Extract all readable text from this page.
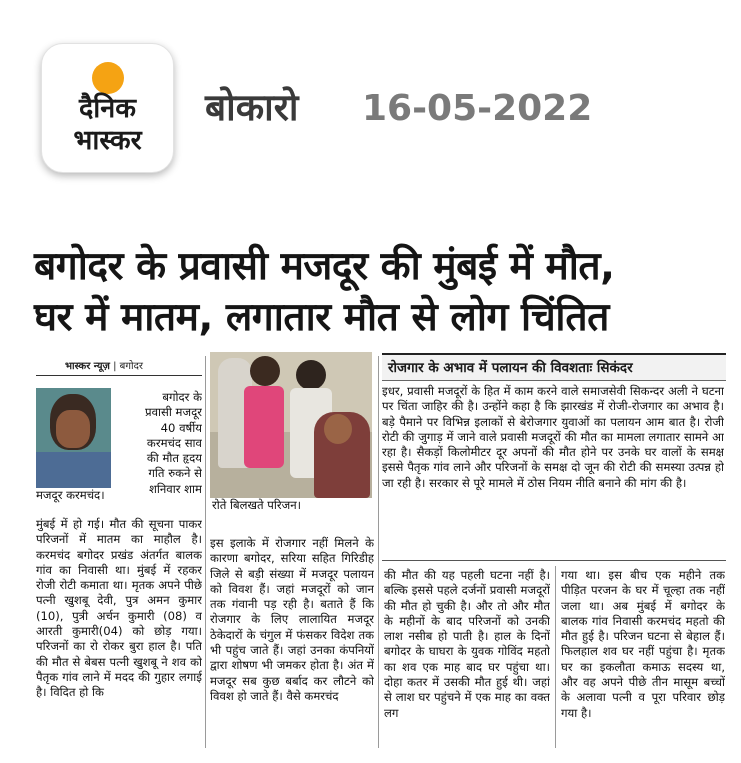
दैनिक
भास्कर
बोकारो 16-05-2022
बगोदर के प्रवासी मजदूर की मुंबई में मौत,
घर में मातम, लगातार मौत से लोग चिंतित
भास्कर न्यूज़ | बगोदर
मजदूर करमचंद।
बगोदर के
प्रवासी मजदूर
40 वर्षीय
करमचंद साव
की मौत हृदय
गति रुकने से
शनिवार शाम
मुंबई में हो गई। मौत की सूचना पाकर परिजनों में मातम का माहौल है। करमचंद बगोदर प्रखंड अंतर्गत बालक गांव का निवासी था। मुंबई में रहकर रोजी रोटी कमाता था। मृतक अपने पीछे पत्नी खुशबू देवी, पुत्र अमन कुमार (10), पुत्री अर्चन कुमारी (08) व आरती कुमारी(04) को छोड़ गया। परिजनों का रो रोकर बुरा हाल है। पति की मौत से बेबस पत्नी खुशबू ने शव को पैतृक गांव लाने में मदद की गुहार लगाई है। विदित हो कि
रोते बिलखते परिजन।
इस इलाके में रोजगार नहीं मिलने के कारणा बगोदर, सरिया सहित गिरिडीह जिले से बड़ी संख्या में मजदूर पलायन को विवश हैं। जहां मजदूरों को जान तक गंवानी पड़ रही है। बताते हैं कि रोजगार के लिए लालायित मजदूर ठेकेदारों के चंगुल में फंसकर विदेश तक भी पहुंच जाते हैं। जहां उनका कंपनियों द्वारा शोषण भी जमकर होता है। अंत में मजदूर सब कुछ बर्बाद कर लौटने को विवश हो जाते हैं। वैसे कमरचंद
रोजगार के अभाव में पलायन की विवशताः सिकंदर
इधर, प्रवासी मजदूरों के हित में काम करने वाले समाजसेवी सिकन्दर अली ने घटना पर चिंता जाहिर की है। उन्होंने कहा है कि झारखंड में रोजी-रोजगार का अभाव है। बड़े पैमाने पर विभिन्न इलाकों से बेरोजगार युवाओं का पलायन आम बात है। रोजी रोटी की जुगाड़ में जाने वाले प्रवासी मजदूरों की मौत का मामला लगातार सामने आ रहा है। सैकड़ों किलोमीटर दूर अपनों की मौत होने पर उनके घर वालों के समक्ष इससे पैतृक गांव लाने और परिजनों के समक्ष दो जून की रोटी की समस्या उत्पन्न हो जा रही है। सरकार से पूरे मामले में ठोस नियम नीति बनाने की मांग की है।
की मौत की यह पहली घटना नहीं है। बल्कि इससे पहले दर्जनों प्रवासी मजदूरों की मौत हो चुकी है। और तो और मौत के महीनों के बाद परिजनों को उनकी लाश नसीब हो पाती है। हाल के दिनों बगोदर के घाघरा के युवक गोविंद महतो का शव एक माह बाद घर पहुंचा था। दोहा कतर में उसकी मौत हुई थी। जहां से लाश घर पहुंचने में एक माह का वक्त लग
गया था। इस बीच एक महीने तक पीड़ित परजन के घर में चूल्हा तक नहीं जला था। अब मुंबई में बगोदर के बालक गांव निवासी करमचंद महतो की मौत हुई है। परिजन घटना से बेहाल हैं। फिलहाल शव घर नहीं पहुंचा है। मृतक घर का इकलौता कमाऊ सदस्य था, और वह अपने पीछे तीन मासूम बच्चों के अलावा पत्नी व पूरा परिवार छोड़ गया है।
